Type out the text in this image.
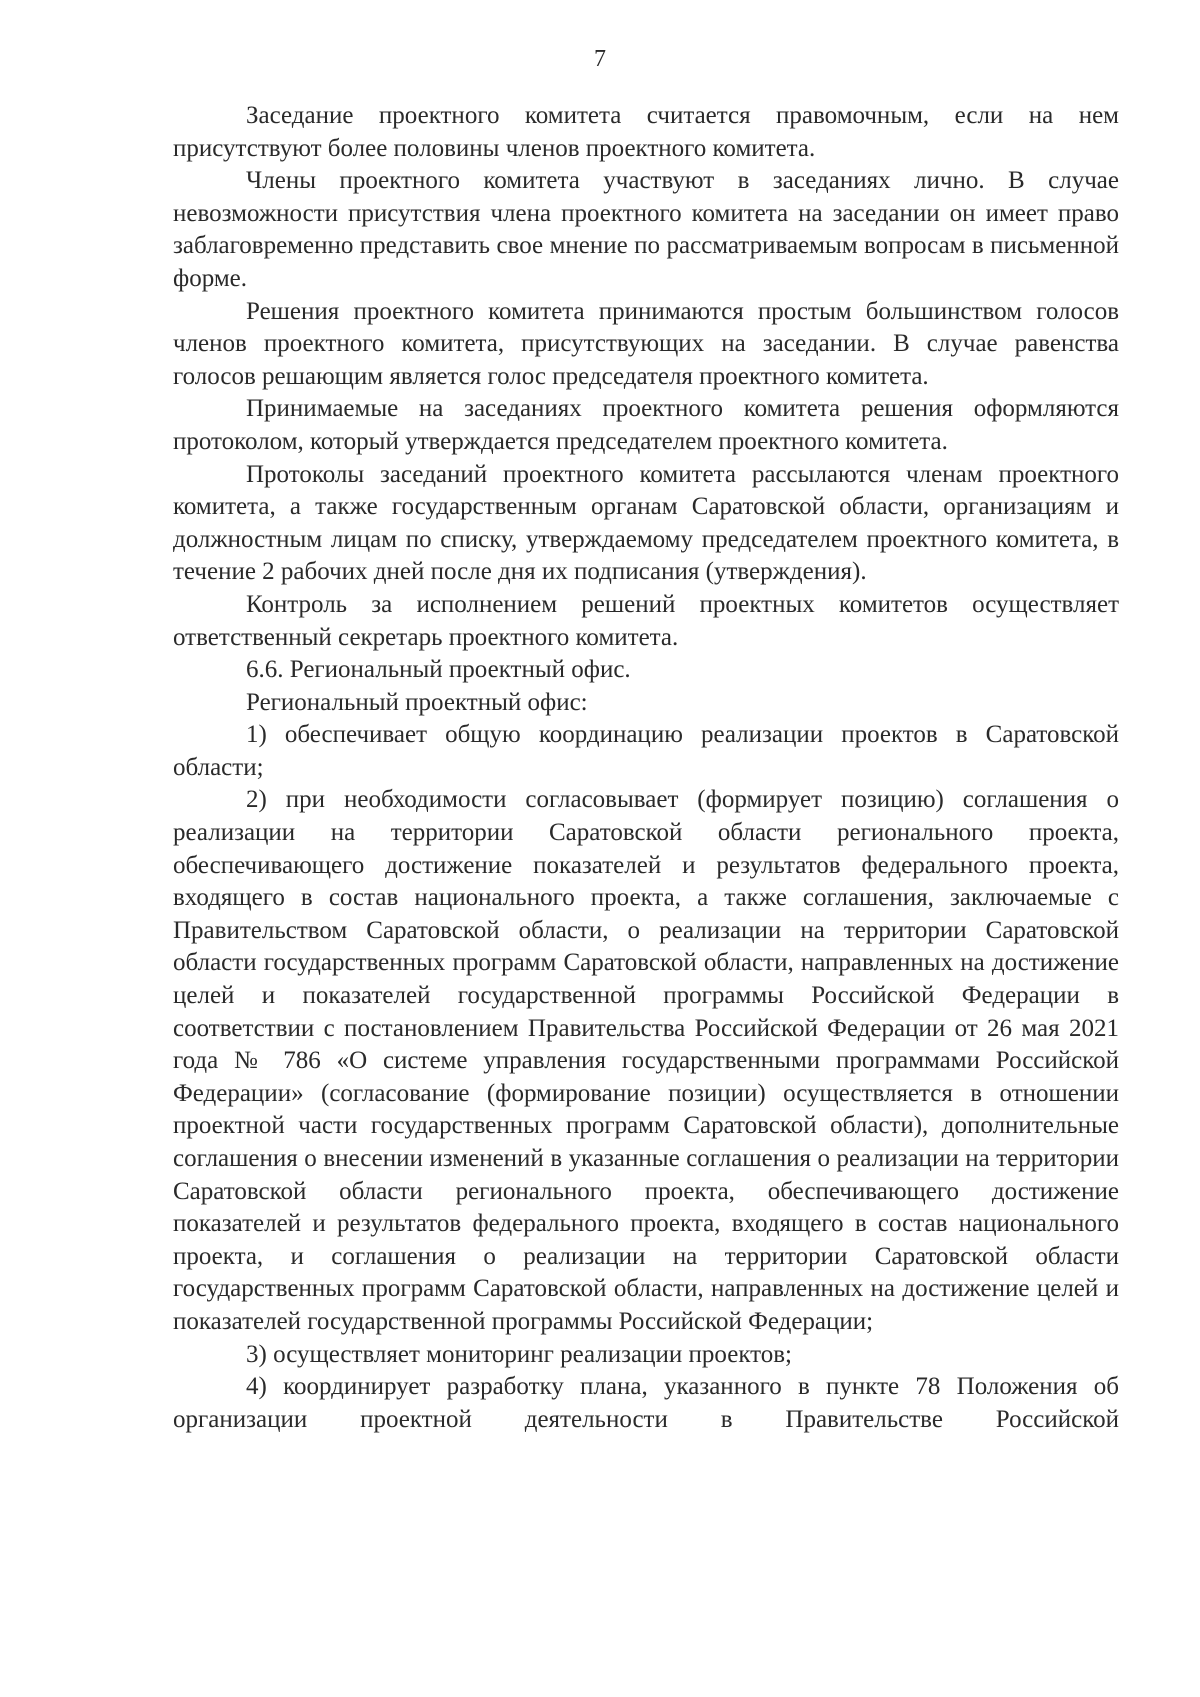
7

Заседание проектного комитета считается правомочным, если на нем присутствуют более половины членов проектного комитета.

Члены проектного комитета участвуют в заседаниях лично. В случае невозможности присутствия члена проектного комитета на заседании он имеет право заблаговременно представить свое мнение по рассматриваемым вопросам в письменной форме.

Решения проектного комитета принимаются простым большинством голосов членов проектного комитета, присутствующих на заседании. В случае равенства голосов решающим является голос председателя проектного комитета.

Принимаемые на заседаниях проектного комитета решения оформляются протоколом, который утверждается председателем проектного комитета.

Протоколы заседаний проектного комитета рассылаются членам проектного комитета, а также государственным органам Саратовской области, организациям и должностным лицам по списку, утверждаемому председателем проектного комитета, в течение 2 рабочих дней после дня их подписания (утверждения).

Контроль за исполнением решений проектных комитетов осуществляет ответственный секретарь проектного комитета.

6.6. Региональный проектный офис.

Региональный проектный офис:

1) обеспечивает общую координацию реализации проектов в Саратовской области;

2) при необходимости согласовывает (формирует позицию) соглашения о реализации на территории Саратовской области регионального проекта, обеспечивающего достижение показателей и результатов федерального проекта, входящего в состав национального проекта, а также соглашения, заключаемые с Правительством Саратовской области, о реализации на территории Саратовской области государственных программ Саратовской области, направленных на достижение целей и показателей государственной программы Российской Федерации в соответствии с постановлением Правительства Российской Федерации от 26 мая 2021 года № 786 «О системе управления государственными программами Российской Федерации» (согласование (формирование позиции) осуществляется в отношении проектной части государственных программ Саратовской области), дополнительные соглашения о внесении изменений в указанные соглашения о реализации на территории Саратовской области регионального проекта, обеспечивающего достижение показателей и результатов федерального проекта, входящего в состав национального проекта, и соглашения о реализации на территории Саратовской области государственных программ Саратовской области, направленных на достижение целей и показателей государственной программы Российской Федерации;

3) осуществляет мониторинг реализации проектов;

4) координирует разработку плана, указанного в пункте 78 Положения об организации проектной деятельности в Правительстве Российской
